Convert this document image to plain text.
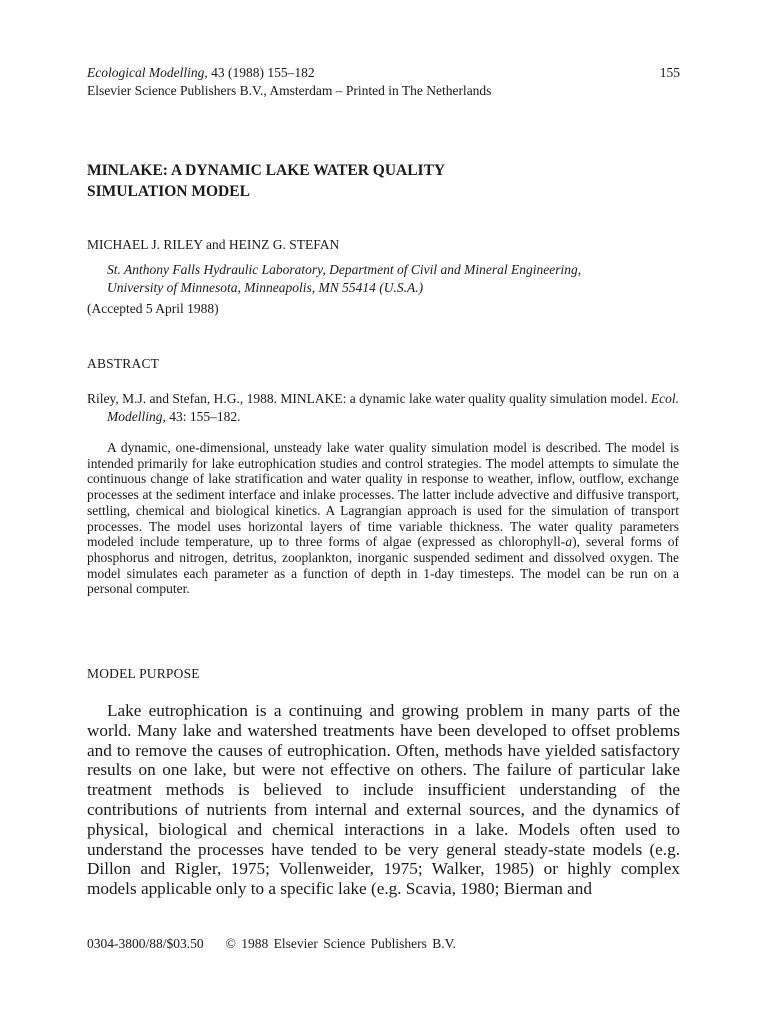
Ecological Modelling, 43 (1988) 155–182
Elsevier Science Publishers B.V., Amsterdam – Printed in The Netherlands
155
MINLAKE: A DYNAMIC LAKE WATER QUALITY
SIMULATION MODEL
MICHAEL J. RILEY and HEINZ G. STEFAN
St. Anthony Falls Hydraulic Laboratory, Department of Civil and Mineral Engineering,
University of Minnesota, Minneapolis, MN 55414 (U.S.A.)
(Accepted 5 April 1988)
ABSTRACT

Riley, M.J. and Stefan, H.G., 1988. MINLAKE: a dynamic lake water quality quality simulation model. Ecol. Modelling, 43: 155–182.

A dynamic, one-dimensional, unsteady lake water quality simulation model is described. The model is intended primarily for lake eutrophication studies and control strategies. The model attempts to simulate the continuous change of lake stratification and water quality in response to weather, inflow, outflow, exchange processes at the sediment interface and inlake processes. The latter include advective and diffusive transport, settling, chemical and biological kinetics. A Lagrangian approach is used for the simulation of transport processes. The model uses horizontal layers of time variable thickness. The water quality parameters modeled include temperature, up to three forms of algae (expressed as chlorophyll-a), several forms of phosphorus and nitrogen, detritus, zooplankton, inorganic suspended sediment and dissolved oxygen. The model simulates each parameter as a function of depth in 1-day timesteps. The model can be run on a personal computer.

MODEL PURPOSE

Lake eutrophication is a continuing and growing problem in many parts of the world. Many lake and watershed treatments have been developed to offset problems and to remove the causes of eutrophication. Often, methods have yielded satisfactory results on one lake, but were not effective on others. The failure of particular lake treatment methods is believed to include insufficient understanding of the contributions of nutrients from internal and external sources, and the dynamics of physical, biological and chemical interactions in a lake. Models often used to understand the processes have tended to be very general steady-state models (e.g. Dillon and Rigler, 1975; Vollenweider, 1975; Walker, 1985) or highly complex models applicable only to a specific lake (e.g. Scavia, 1980; Bierman and

0304-3800/88/$03.50 © 1988 Elsevier Science Publishers B.V.
